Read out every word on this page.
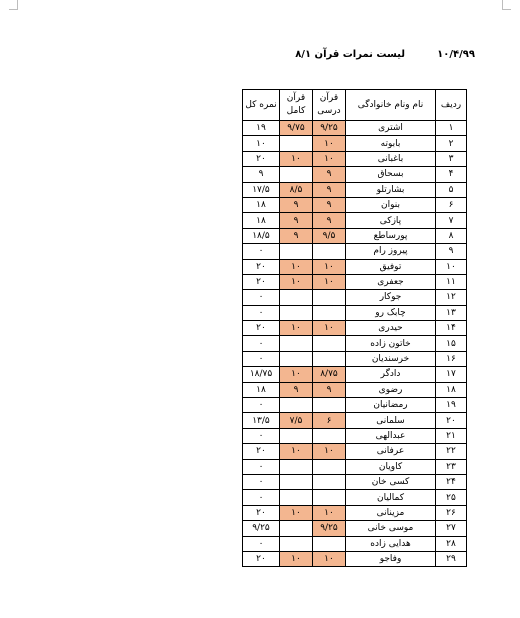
۱۰/۴/۹۹
لیست نمرات قرآن ۸/۱
ردیف	نام ونام خانوادگی	قرآن درسی	قرآن کامل	نمره کل
۱	اشتری	۹/۲۵	۹/۷۵	۱۹
۲	بابوته	۱۰		۱۰
۳	باغبانی	۱۰	۱۰	۲۰
۴	بسحاق	۹		۹
۵	بشارتلو	۹	۸/۵	۱۷/۵
۶	بنوان	۹	۹	۱۸
۷	پازکی	۹	۹	۱۸
۸	پورساطع	۹/۵	۹	۱۸/۵
۹	پیروز رام			۰
۱۰	توفیق	۱۰	۱۰	۲۰
۱۱	جعفری	۱۰	۱۰	۲۰
۱۲	جوکار			۰
۱۳	چابک رو			۰
۱۴	حیدری	۱۰	۱۰	۲۰
۱۵	خاتون زاده			۰
۱۶	خرسندیان			۰
۱۷	دادگر	۸/۷۵	۱۰	۱۸/۷۵
۱۸	رضوی	۹	۹	۱۸
۱۹	رمضانیان			۰
۲۰	سلمانی	۶	۷/۵	۱۳/۵
۲۱	عبدالهی			۰
۲۲	عرفانی	۱۰	۱۰	۲۰
۲۳	کاویان			۰
۲۴	کسی خان			۰
۲۵	کمالیان			۰
۲۶	مزینانی	۱۰	۱۰	۲۰
۲۷	موسی خانی	۹/۲۵		۹/۲۵
۲۸	هدایی زاده			۰
۲۹	وفاجو	۱۰	۱۰	۲۰
